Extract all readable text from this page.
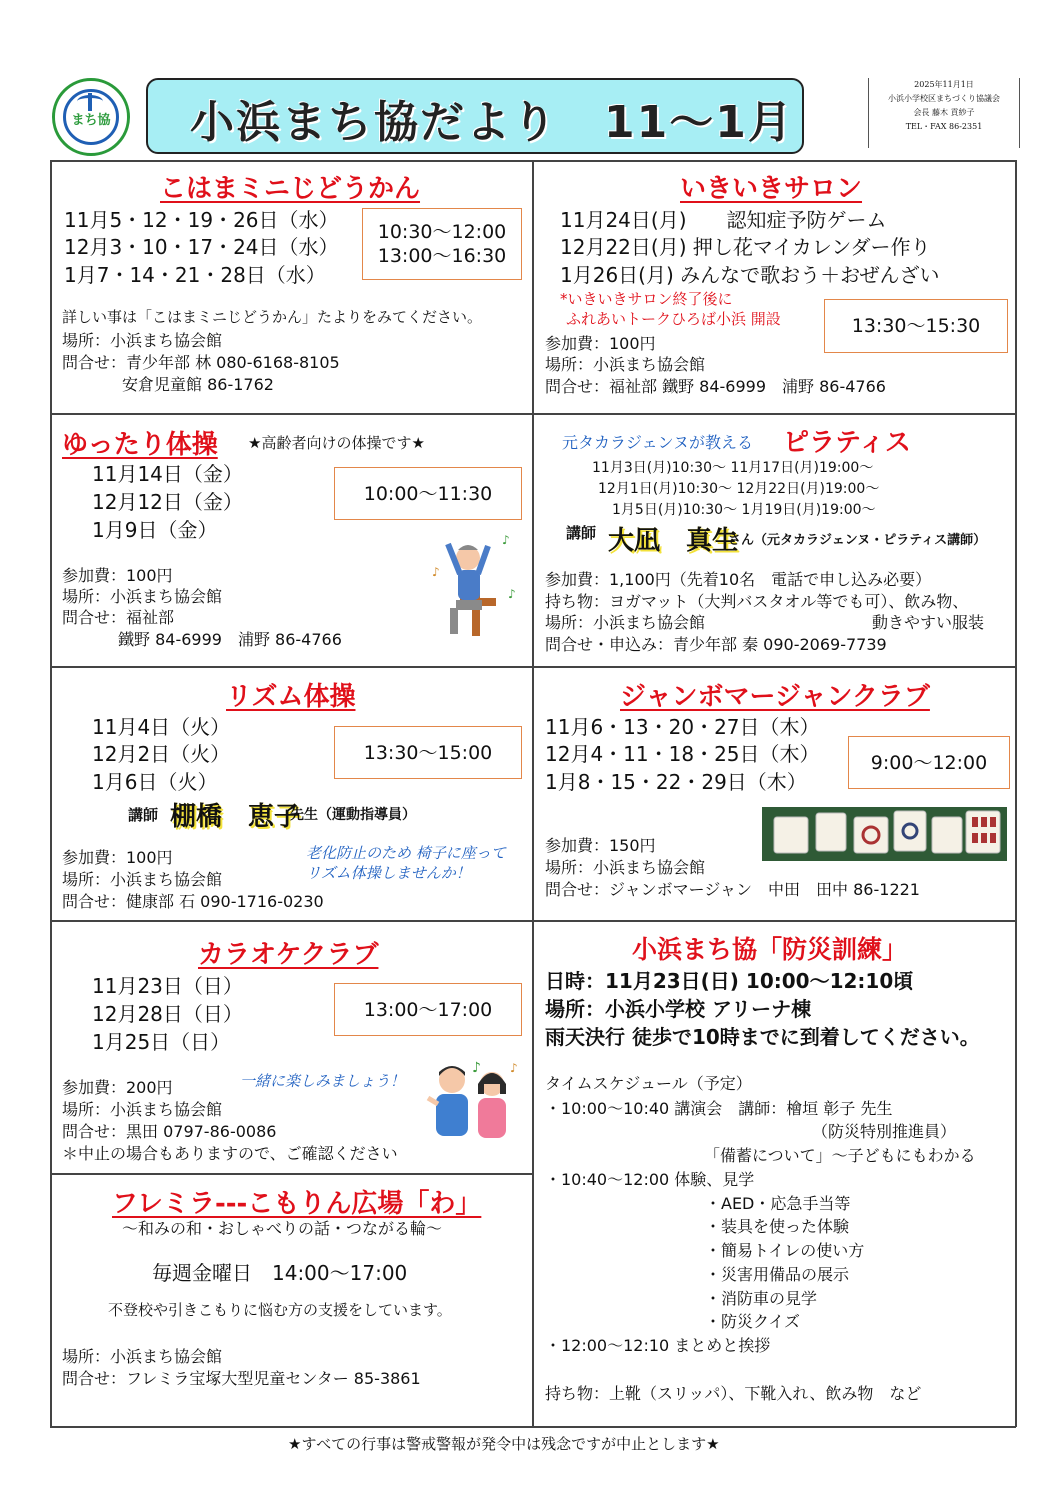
まち協	小浜まち協だより　11～1月
2025年11月1日
小浜小学校区まちづくり協議会
会長 藤木 貢紗子
TEL・FAX 86-2351
こはまミニじどうかん
11月5・12・19・26日（水）
12月3・10・17・24日（水）
1月7・14・21・28日（水）
10:30～12:00
13:00～16:30
詳しい事は「こはまミニじどうかん」たよりをみてください。
場所：小浜まち協会館
問合せ：青少年部 林 080-6168-8105
安倉児童館 86-1762
いきいきサロン
11月24日(月)　　認知症予防ゲーム
12月22日(月) 押し花マイカレンダー作り
1月26日(月) みんなで歌おう＋おぜんざい
*いきいきサロン終了後に
ふれあいトークひろば小浜 開設	13:30～15:30
参加費：100円
場所：小浜まち協会館
問合せ：福祉部 鐵野 84-6999　浦野 86-4766
ゆったり体操 ★高齢者向けの体操です★
11月14日（金）
12月12日（金）
1月9日（金）
10:00～11:30
参加費：100円
場所：小浜まち協会館
問合せ：福祉部
鐵野 84-6999　浦野 86-4766
♪
♪
♪
元タカラジェンヌが教える ピラティス
11月3日(月)10:30～ 11月17日(月)19:00～
12月1日(月)10:30～ 12月22日(月)19:00～
1月5日(月)10:30～ 1月19日(月)19:00～
講師 大凪　真生
さん（元タカラジェンヌ・ピラティス講師）
参加費：1,100円（先着10名　電話で申し込み必要）
持ち物：ヨガマット（大判バスタオル等でも可）、飲み物、
場所：小浜まち協会館	動きやすい服装
問合せ・申込み：青少年部 秦 090-2069-7739
リズム体操
11月4日（火）
12月2日（火）
1月6日（火）
13:30～15:00
講師 棚橋　恵子
先生（運動指導員）
老化防止のため 椅子に座って
リズム体操しませんか！
参加費：100円
場所：小浜まち協会館
問合せ：健康部 石 090-1716-0230
ジャンボマージャンクラブ
11月6・13・20・27日（木）
12月4・11・18・25日（木）
1月8・15・22・29日（木）
9:00～12:00
参加費：150円
場所：小浜まち協会館
問合せ：ジャンボマージャン　中田　田中 86-1221
カラオケクラブ
11月23日（日）
12月28日（日）
1月25日（日）
13:00～17:00
一緒に楽しみましょう！
♪ ♪
参加費：200円
場所：小浜まち協会館
問合せ：黒田 0797-86-0086
＊中止の場合もありますので、ご確認ください
フレミラ---こもりん広場「わ」
～和みの和・おしゃべりの話・つながる輪～
毎週金曜日　14:00～17:00
不登校や引きこもりに悩む方の支援をしています。
場所：小浜まち協会館
問合せ：フレミラ宝塚大型児童センター 85-3861
小浜まち協「防災訓練」
日時：11月23日(日) 10:00～12:10頃
場所：小浜小学校 アリーナ棟
雨天決行 徒歩で10時までに到着してください。
タイムスケジュール（予定）
・10:00～10:40 講演会　講師：檜垣 彰子 先生
（防災特別推進員）
「備蓄について」～子どもにもわかる
・10:40～12:00 体験、見学
・AED・応急手当等
・装具を使った体験
・簡易トイレの使い方
・災害用備品の展示
・消防車の見学
・防災クイズ
・12:00～12:10 まとめと挨拶
持ち物：上靴（スリッパ）、下靴入れ、飲み物　など
★すべての行事は警戒警報が発令中は残念ですが中止とします★
